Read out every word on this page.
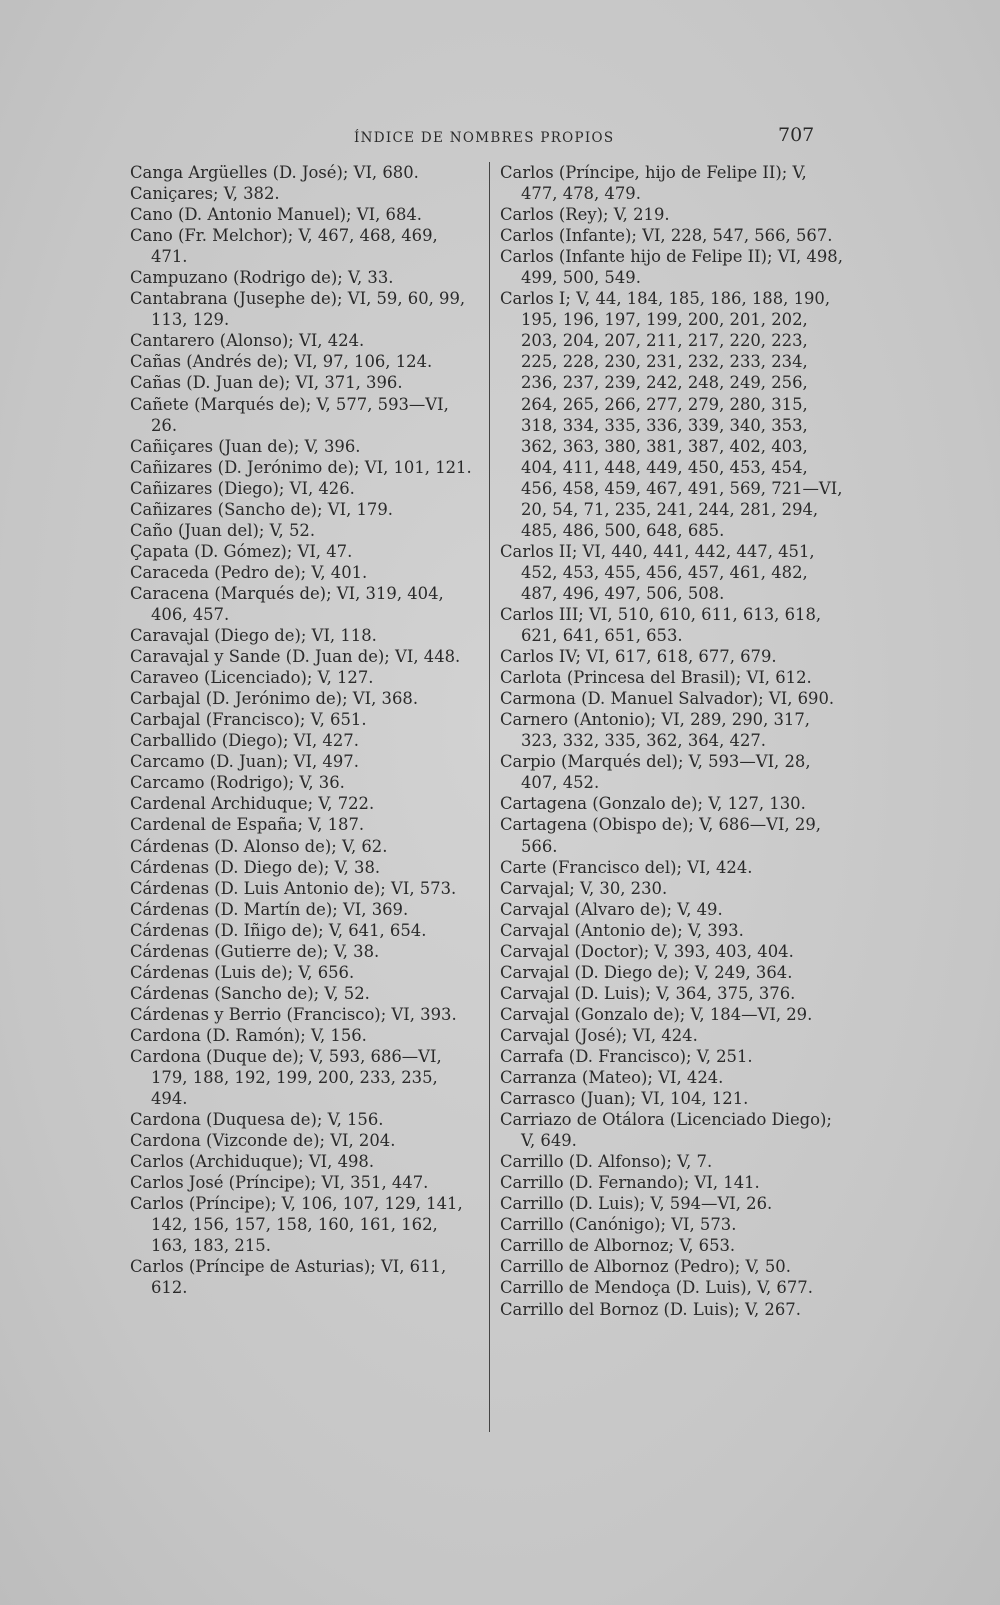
ÍNDICE DE NOMBRES PROPIOS	707

Canga Argüelles (D. José); VI, 680.

Caniçares; V, 382.

Cano (D. Antonio Manuel); VI, 684.

Cano (Fr. Melchor); V, 467, 468, 469, 471.

Campuzano (Rodrigo de); V, 33.

Cantabrana (Jusephe de); VI, 59, 60, 99, 113, 129.

Cantarero (Alonso); VI, 424.

Cañas (Andrés de); VI, 97, 106, 124.

Cañas (D. Juan de); VI, 371, 396.

Cañete (Marqués de); V, 577, 593—VI, 26.

Cañiçares (Juan de); V, 396.

Cañizares (D. Jerónimo de); VI, 101, 121.

Cañizares (Diego); VI, 426.

Cañizares (Sancho de); VI, 179.

Caño (Juan del); V, 52.

Çapata (D. Gómez); VI, 47.

Caraceda (Pedro de); V, 401.

Caracena (Marqués de); VI, 319, 404, 406, 457.

Caravajal (Diego de); VI, 118.

Caravajal y Sande (D. Juan de); VI, 448.

Caraveo (Licenciado); V, 127.

Carbajal (D. Jerónimo de); VI, 368.

Carbajal (Francisco); V, 651.

Carballido (Diego); VI, 427.

Carcamo (D. Juan); VI, 497.

Carcamo (Rodrigo); V, 36.

Cardenal Archiduque; V, 722.

Cardenal de España; V, 187.

Cárdenas (D. Alonso de); V, 62.

Cárdenas (D. Diego de); V, 38.

Cárdenas (D. Luis Antonio de); VI, 573.

Cárdenas (D. Martín de); VI, 369.

Cárdenas (D. Iñigo de); V, 641, 654.

Cárdenas (Gutierre de); V, 38.

Cárdenas (Luis de); V, 656.

Cárdenas (Sancho de); V, 52.

Cárdenas y Berrio (Francisco); VI, 393.

Cardona (D. Ramón); V, 156.

Cardona (Duque de); V, 593, 686—VI, 179, 188, 192, 199, 200, 233, 235, 494.

Cardona (Duquesa de); V, 156.

Cardona (Vizconde de); VI, 204.

Carlos (Archiduque); VI, 498.

Carlos José (Príncipe); VI, 351, 447.

Carlos (Príncipe); V, 106, 107, 129, 141, 142, 156, 157, 158, 160, 161, 162, 163, 183, 215.

Carlos (Príncipe de Asturias); VI, 611, 612.

Carlos (Príncipe, hijo de Felipe II); V, 477, 478, 479.

Carlos (Rey); V, 219.

Carlos (Infante); VI, 228, 547, 566, 567.

Carlos (Infante hijo de Felipe II); VI, 498, 499, 500, 549.

Carlos I; V, 44, 184, 185, 186, 188, 190, 195, 196, 197, 199, 200, 201, 202, 203, 204, 207, 211, 217, 220, 223, 225, 228, 230, 231, 232, 233, 234, 236, 237, 239, 242, 248, 249, 256, 264, 265, 266, 277, 279, 280, 315, 318, 334, 335, 336, 339, 340, 353, 362, 363, 380, 381, 387, 402, 403, 404, 411, 448, 449, 450, 453, 454, 456, 458, 459, 467, 491, 569, 721—VI, 20, 54, 71, 235, 241, 244, 281, 294, 485, 486, 500, 648, 685.

Carlos II; VI, 440, 441, 442, 447, 451, 452, 453, 455, 456, 457, 461, 482, 487, 496, 497, 506, 508.

Carlos III; VI, 510, 610, 611, 613, 618, 621, 641, 651, 653.

Carlos IV; VI, 617, 618, 677, 679.

Carlota (Princesa del Brasil); VI, 612.

Carmona (D. Manuel Salvador); VI, 690.

Carnero (Antonio); VI, 289, 290, 317, 323, 332, 335, 362, 364, 427.

Carpio (Marqués del); V, 593—VI, 28, 407, 452.

Cartagena (Gonzalo de); V, 127, 130.

Cartagena (Obispo de); V, 686—VI, 29, 566.

Carte (Francisco del); VI, 424.

Carvajal; V, 30, 230.

Carvajal (Alvaro de); V, 49.

Carvajal (Antonio de); V, 393.

Carvajal (Doctor); V, 393, 403, 404.

Carvajal (D. Diego de); V, 249, 364.

Carvajal (D. Luis); V, 364, 375, 376.

Carvajal (Gonzalo de); V, 184—VI, 29.

Carvajal (José); VI, 424.

Carrafa (D. Francisco); V, 251.

Carranza (Mateo); VI, 424.

Carrasco (Juan); VI, 104, 121.

Carriazo de Otálora (Licenciado Diego); V, 649.

Carrillo (D. Alfonso); V, 7.

Carrillo (D. Fernando); VI, 141.

Carrillo (D. Luis); V, 594—VI, 26.

Carrillo (Canónigo); VI, 573.

Carrillo de Albornoz; V, 653.

Carrillo de Albornoz (Pedro); V, 50.

Carrillo de Mendoça (D. Luis), V, 677.

Carrillo del Bornoz (D. Luis); V, 267.
